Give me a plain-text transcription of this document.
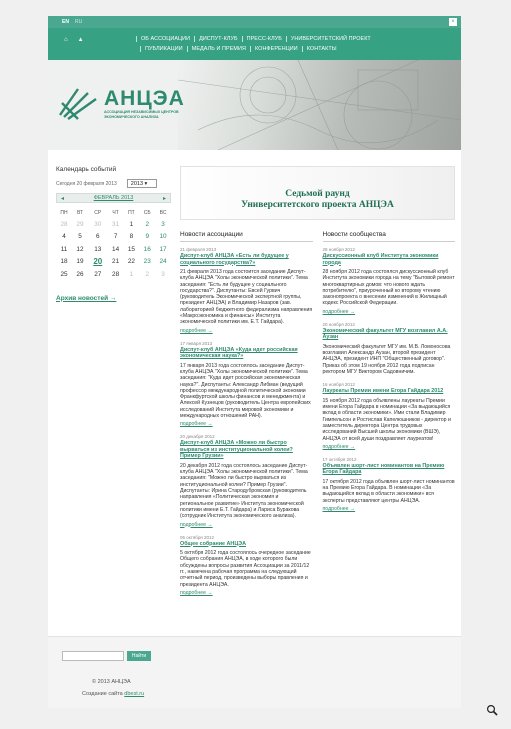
EN RU	×
⌂ ▲	ОБ АССОЦИАЦИИ	ДИСПУТ-КЛУБ	ПРЕСС-КЛУБ	УНИВЕРСИТЕТСКИЙ ПРОЕКТ
ПУБЛИКАЦИИ	МЕДАЛЬ И ПРЕМИЯ	КОНФЕРЕНЦИИ	КОНТАКТЫ
АНЦЭА
АССОЦИАЦИЯ НЕЗАВИСИМЫХ ЦЕНТРОВ ЭКОНОМИЧЕСКОГО АНАЛИЗА
Календарь событий
Сегодня 20 февраля 2013	2013 ▾
◂	ФЕВРАЛЬ 2013	▸
ПН	ВТ	СР	ЧТ	ПТ	СБ	ВС
28	29	30	31	1	2	3
4	5	6	7	8	9	10
11	12	13	14	15	16	17
18	19	20	21	22	23	24
25	26	27	28	1	2	3
Архив новостей →
Седьмой раунд
Университетского проекта АНЦЭА
Новости ассоциации
21 февраля 2013
Диспут-клуб АНЦЭА «Есть ли будущее у социального государства?»
21 февраля 2013 года состоится заседание Диспут-клуба АНЦЭА "Холы экономической политики". Тема заседания: "Есть ли будущее у социального государства?". Диспутанты: Евсей Гурвич (руководитель Экономической экспертной группы, президент АНЦЭА) и Владимир Назаров (зав. лабораторией бюджетного федерализма направления «Макроэкономика и финансы» Института экономической политики им. Е.Т. Гайдара).
подробнее →
17 января 2013
Диспут-клуб АНЦЭА «Куда идет российская экономическая наука?»
17 января 2013 года состоялось заседание Диспут-клуба АНЦЭА "Холы экономической политики". Тема заседания: "Куда идет российская экономическая наука?". Диспутанты: Александр Либман (ведущий профессор международной политической экономии Франкфуртской школы финансов и менеджмента) и Алексей Кузнецов (руководитель Центра европейских исследований Института мировой экономики и международных отношений РАН).
подробнее →
20 декабря 2012
Диспут-клуб АНЦЭА «Можно ли быстро вырваться из институциональной колеи? Пример Грузии»
20 декабря 2012 года состоялось заседание Диспут-клуба АНЦЭА "Холы экономической политики". Тема заседания: "Можно ли быстро вырваться из институциональной колеи? Пример Грузии". Диспутанты: Ирина Стародубровская (руководитель направления «Политическая экономия и региональное развитие» Института экономической политики имени Е.Т. Гайдара) и Лариса Буракова (сотрудник Института экономического анализа).
подробнее →
05 октября 2012
Общее собрание АНЦЭА
5 октября 2012 года состоялось очередное заседание Общего собрания АНЦЭА, в ходе которого были обсуждены вопросы развития Ассоциации за 2011/12 гг., намечена рабочая программа на следующий отчетный период, произведены выборы правления и президента АНЦЭА.
подробнее →
Новости сообщества
28 ноября 2012
Дискуссионный клуб Института экономики города
28 ноября 2012 года состоялся дискуссионный клуб Института экономики города на тему "Бытовой ремонт многоквартирных домов: что нового ждать потребителю", приуроченный ко второму чтению законопроекта о внесении изменений в Жилищный кодекс Российской Федерации.
подробнее →
20 ноября 2012
Экономический факультет МГУ возглавил А.А. Аузан
Экономический факультет МГУ им. М.В. Ломоносова возглавил Александр Аузан, второй президент АНЦЭА, президент ИНП "Общественный договор". Приказ об этом 19 ноября 2012 года подписан ректором МГУ Виктором Садовничим.
16 ноября 2012
Лауреаты Премии имени Егора Гайдара 2012
15 ноября 2012 года объявлены лауреаты Премии имени Егора Гайдара в номинации «За выдающийся вклад в области экономики». Ими стали Владимир Гимпельсон и Ростислав Капелюшников - директор и заместитель директора Центра трудовых исследований Высшей школы экономики (ВШЭ), АНЦЭА от всей души поздравляет лауреатов!
подробнее →
17 октября 2012
Объявлен шорт-лист номинантов на Премию Егора Гайдара
17 октября 2012 года объявлен шорт-лист номинантов на Премию Егора Гайдара. В номинации «За выдающийся вклад в области экономики» вся эксперты представляют центры АНЦЭА.
подробнее →
Найти
© 2013 АНЦЭА
Создание сайта dbest.ru
